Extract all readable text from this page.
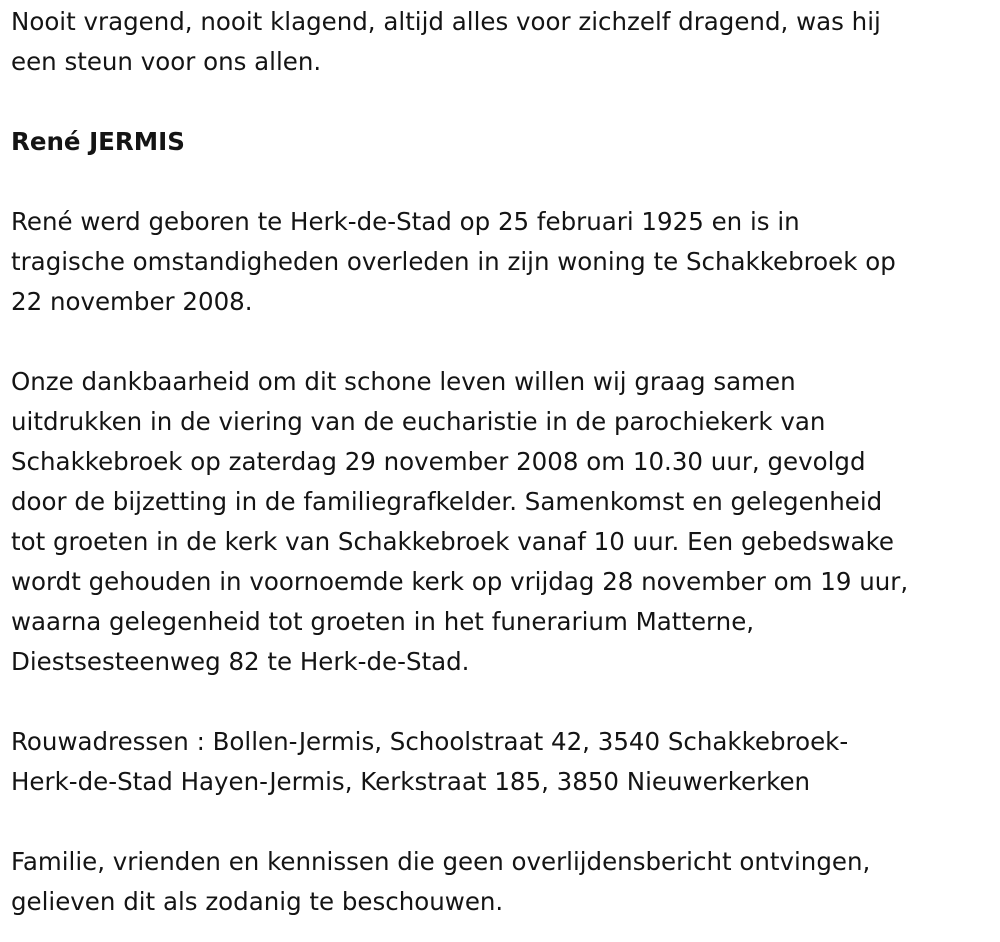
Nooit vragend, nooit klagend, altijd alles voor zichzelf dragend, was hij
een steun voor ons allen.

René JERMIS

René werd geboren te Herk-de-Stad op 25 februari 1925 en is in
tragische omstandigheden overleden in zijn woning te Schakkebroek op
22 november 2008.

Onze dankbaarheid om dit schone leven willen wij graag samen
uitdrukken in de viering van de eucharistie in de parochiekerk van
Schakkebroek op zaterdag 29 november 2008 om 10.30 uur, gevolgd
door de bijzetting in de familiegrafkelder. Samenkomst en gelegenheid
tot groeten in de kerk van Schakkebroek vanaf 10 uur. Een gebedswake
wordt gehouden in voornoemde kerk op vrijdag 28 november om 19 uur,
waarna gelegenheid tot groeten in het funerarium Matterne,
Diestsesteenweg 82 te Herk-de-Stad.

Rouwadressen : Bollen-Jermis, Schoolstraat 42, 3540 Schakkebroek-
Herk-de-Stad Hayen-Jermis, Kerkstraat 185, 3850 Nieuwerkerken

Familie, vrienden en kennissen die geen overlijdensbericht ontvingen,
gelieven dit als zodanig te beschouwen.
